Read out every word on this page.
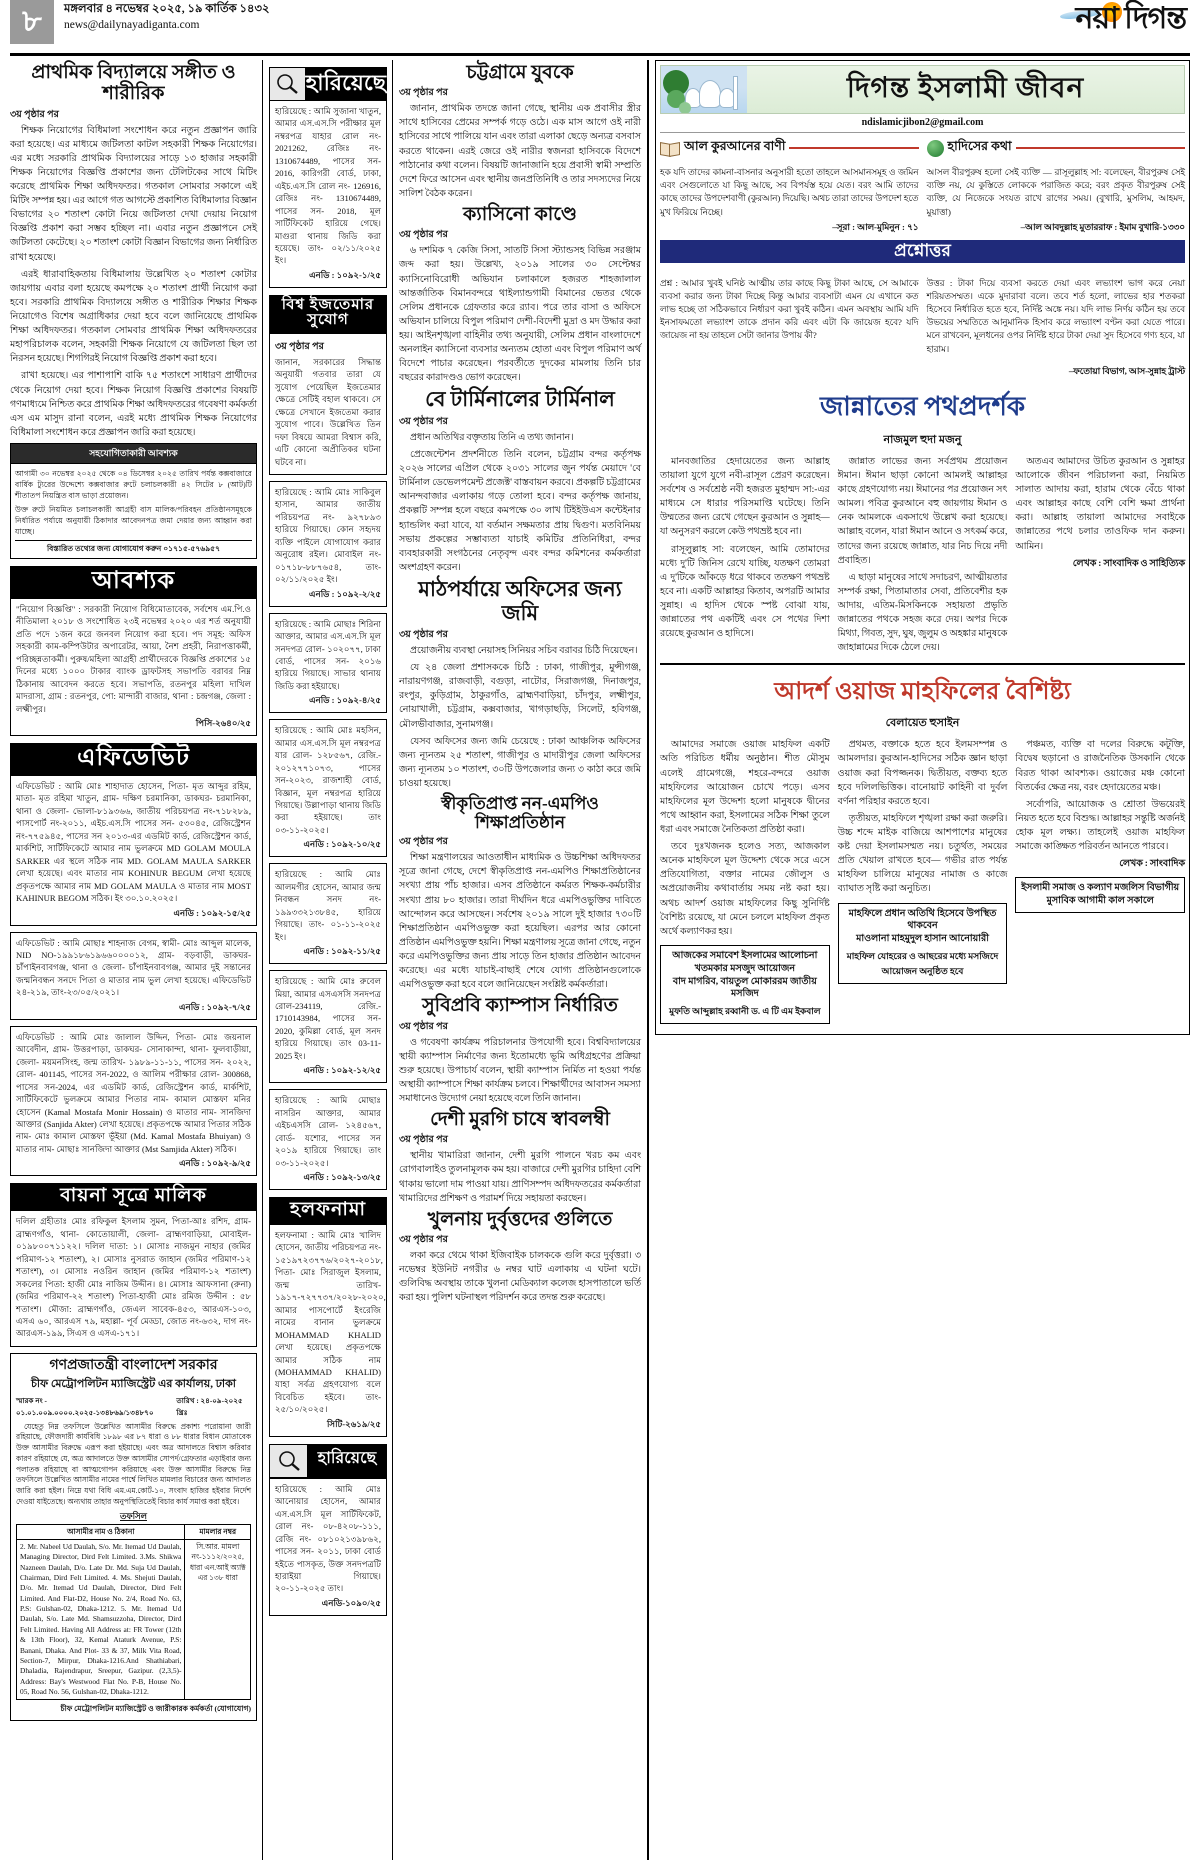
৮	মঙ্গলবার ৪ নভেম্বর ২০২৫, ১৯ কার্তিক ১৪৩২
news@dailynayadiganta.com	নয়া দিগন্ত
প্রাথমিক বিদ্যালয়ে সঙ্গীত ও শারীরিক
৩য় পৃষ্ঠার পর

শিক্ষক নিয়োগের বিধিমালা সংশোধন করে নতুন প্রজ্ঞাপন জারি করা হয়েছে। এর মাধ্যমে জটিলতা কাটল সহকারী শিক্ষক নিয়োগের। এর মধ্যে সরকারি প্রাথমিক বিদ্যালয়ের সাড়ে ১৩ হাজার সহকারী শিক্ষক নিয়োগের বিজ্ঞপ্তি প্রকাশের জন্য টেলিটকের সাথে মিটিং করেছে প্রাথমিক শিক্ষা অধিদফতর। গতকাল সোমবার সকালে এই মিটিং সম্পন্ন হয়। এর আগে গত আগস্টে প্রকাশিত বিধিমালার বিজ্ঞান বিভাগের ২০ শতাংশ কোটা নিয়ে জটিলতা দেখা দেয়ায় নিয়োগ বিজ্ঞপ্তি প্রকাশ করা সম্ভব হচ্ছিল না। এবার নতুন প্রজ্ঞাপনে সেই জটিলতা কেটেছে। ২০ শতাংশ কোটা বিজ্ঞান বিভাগের জন্য নির্ধারিত রাখা হয়েছে।

এরই ধারাবাহিকতায় বিধিমালায় উল্লেখিত ২০ শতাংশ কোটার জায়গায় এবার বলা হয়েছে কমপক্ষে ২০ শতাংশ প্রার্থী নিয়োগ করা হবে। সরকারি প্রাথমিক বিদ্যালয়ে সঙ্গীত ও শারীরিক শিক্ষার শিক্ষক নিয়োগেও বিশেষ অগ্রাধিকার দেয়া হবে বলে জানিয়েছে প্রাথমিক শিক্ষা অধিদফতর। গতকাল সোমবার প্রাথমিক শিক্ষা অধিদফতরের মহাপরিচালক বলেন, সহকারী শিক্ষক নিয়োগে যে জটিলতা ছিল তা নিরসন হয়েছে। শিগগিরই নিয়োগ বিজ্ঞপ্তি প্রকাশ করা হবে।

রাখা হয়েছে। এর পাশাপাশি বাকি ৭৫ শতাংশে সাধারণ প্রার্থীদের থেকে নিয়োগ দেয়া হবে। শিক্ষক নিয়োগ বিজ্ঞপ্তি প্রকাশের বিষয়টি গণমাধ্যমে নিশ্চিত করে প্রাথমিক শিক্ষা অধিদফতরের গবেষণা কর্মকর্তা এস এম মাসুদ রানা বলেন, এরই মধ্যে প্রাথমিক শিক্ষক নিয়োগের বিধিমালা সংশোধন করে প্রজ্ঞাপন জারি করা হয়েছে।

সহযোগিতাকারী আবশ্যক
আগামী ৩০ নভেম্বর ২০২৫ থেকে ০৪ ডিসেম্বর ২০২৫ তারিখ পর্যন্ত কক্সবাজারে বার্ষিক ট্যুরের উদ্দেশ্যে কক্সবাজার রুটে চলাচলকারী ৪২ সিটের ৮ (আট)টি শীতাতপ নিয়ন্ত্রিত বাস ভাড়া প্রয়োজন।
উক্ত রুটে নিয়মিত চলাচলকারী আগ্রহী বাস মালিক/পরিবহন প্রতিষ্ঠানসমূহকে নির্ধারিত পর্যায়ে অনুযায়ী ঠিকাদার আবেদনপত্র জমা দেয়ার জন্য আহ্বান করা যাচ্ছে।
বিস্তারিত তথ্যের জন্য যোগাযোগ করুন ০১৭১৫-৫৭৬৯৫৭
আবশ্যক

"নিয়োগ বিজ্ঞপ্তি" : সরকারী নিয়োগ বিধিমোতাবেক, সর্বশেষ এম.পি.ও নীতিমালা ২০১৮ ও সংশোধিত ২৩ই নভেম্বর ২০২০ এর শর্ত অনুযায়ী প্রতি পদে ১জন করে জনবল নিয়োগ করা হবে। পদ সমূহ: অফিস সহকারী কাম-কম্পিউটার অপারেটর, আয়া, নৈশ প্রহরী, নিরাপত্তাকর্মী, পরিচ্ছন্নতাকর্মী। পুরুষ/মহিলা আগ্রহী প্রার্থীদেরকে বিজ্ঞপ্তি প্রকাশের ১৫ দিনের মধ্যে ১০০০ টাকার ব্যাংক ড্রাফটসহ সভাপতি বরাবর নিম্ন ঠিকানায় আবেদন করতে হবে। সভাপতি, রতনপুর মহিলা দাখিল মাদরাসা, গ্রাম : রতনপুর, পো: মান্দারী বাজার, থানা : চন্দ্রগঞ্জ, জেলা : লক্ষ্মীপুর।

পিসি-২৬৪০/২৫
এফিডেভিট

এফিডেভিট : আমি মোঃ শাহাদাত হোসেন, পিতা- মৃত আব্দুর রহিম, মাতা- মৃত রহিমা খাতুন, গ্রাম- দক্ষিণ চরমানিকা, ডাকঘর- চরমানিকা, থানা ও জেলা- ভোলা-৮১৯৩৬৬, জাতীয় পরিচয়পত্র নং-৭১৮২৮৯, পাসপোর্ট নং-২০১১, এইচ.এস.সি পাসের সন- ৫৩০৪৫, রেজিস্ট্রেশন নং-৭৭৫৯৪৫, পাসের সন ২০১৩-এর এডমিট কার্ড, রেজিস্ট্রেশন কার্ড, মার্কশিট, সার্টিফিকেটে আমার নাম ভুলক্রমে MD GOLAM MOULA SARKER এর স্থলে সঠিক নাম MD. GOLAM MAULA SARKER লেখা হয়েছে। এবং মাতার নাম KOHINUR BEGUM লেখা হয়েছে প্রকৃতপক্ষে আমার নাম MD GOLAM MAULA ও মাতার নাম MOST KAHINUR BEGOM সঠিক। ইং ৩০.১০.২০২৫।

এনডি : ১০৯২-১৫/২৫

এফিডেভিট : আমি মোছাঃ শাহনাজ বেগম, স্বামী- মোঃ আব্দুল মালেক, NID NO-১৯৯১৮৬১৯৬৬০০০০১২, গ্রাম- বড়বাড়ী, ডাকঘর- চাঁপাইনবাবগঞ্জ, থানা ও জেলা- চাঁপাইনবাবগঞ্জ, আমার দুই সন্তানের জন্মনিবন্ধন সনদে পিতা ও মাতার নাম ভুল লেখা হয়েছে। এফিডেভিট ২৪-২১৯, তাং-২৩/০৫/২০২১।

এনডি : ১০৯২-৭/২৫

এফিডেভিট : আমি মোঃ জালাল উদ্দিন, পিতা- মোঃ জয়নাল আবেদীন, গ্রাম- উত্তরপাড়া, ডাকঘর- সোনাকান্দা, থানা- ফুলবাড়ীয়া, জেলা- ময়মনসিংহ, জন্ম তারিখ- ১৯৮৯-১১-১১, পাসের সন- ২০২২, রোল- 401145, পাসের সন-2022, ও আলিম পরীক্ষার রোল- 300868, পাসের সন-2024, এর এডমিট কার্ড, রেজিস্ট্রেশন কার্ড, মার্কশিট, সার্টিফিকেটে ভুলক্রমে আমার পিতার নাম- কামাল মোস্তফা মনির হোসেন (Kamal Mostafa Monir Hossain) ও মাতার নাম- সানজিদা আক্তার (Sanjida Akter) লেখা হয়েছে। প্রকৃতপক্ষে আমার পিতার সঠিক নাম- মোঃ কামাল মোস্তফা ভূঁইয়া (Md. Kamal Mostafa Bhuiyan) ও মাতার নাম- মোছাঃ সানজিদা আক্তার (Mst Samjida Akter) সঠিক।

এনডি : ১০৯২-৯/২৫
বায়না সূত্রে মালিক

দলিল গ্রহীতাঃ মোঃ রফিকুল ইসলাম সুমন, পিতা-আঃ রশিদ, গ্রাম- ব্রাহ্মণগাঁও, থানা- কোতোয়ালী, জেলা- ব্রাহ্মণবাড়িয়া, মোবাইল- ০১৯৮০০৭১১২২। দলিল দাতা: ১। মোসাঃ নাজমুন নাহার (জমির পরিমাণ-১২ শতাংশ), ২। মোসাঃ নুসরাত জাহান (জমির পরিমাণ-১২ শতাংশ), ৩। মোসাঃ নওরিন জাহান (জমির পরিমাণ-১২ শতাংশ) সকলের পিতা: হাজী মোঃ নাজিম উদ্দীন। ৪। মোসাঃ আফসানা (রুনা) (জমির পরিমাণ-২২ শতাংশ) পিতা-হাজী মোঃ রমিজ উদ্দীন : ৫৮ শতাংশ। মৌজা: ব্রাহ্মণগাঁও, জেএল সাবেক-৪৫৩, আরএস-১০৩, এসএ ৬০, আরএস ৭৯, মহাল্লা- পূর্ব মেড্ডা, জোত নং-৬৩২, দাগ নং-আরএস-১৯৯, সিএস ও এসএ-১৭১।

গণপ্রজাতন্ত্রী বাংলাদেশ সরকার
চীফ মেট্রোপলিটন ম্যাজিস্ট্রেট এর কার্যালয়, ঢাকা
স্মারক নং - ০১.০১.০০৯.০০০০.২০২৫-১৩৪৮৬৯/১৩৪৮৭০
তারিখ : ২৪-০৯-২০২৫ খ্রিঃ

যেহেতু নিম্ন তফসিলে উল্লেখিত আসামীর বিরুদ্ধে প্রকাশ্য পরোয়ানা জারী রহিয়াছে, ফৌজদারী কার্যবিধি ১৮৯৮ এর ৮৭ ধারা ও ৮৮ ধারার বিধান মোতাবেক উক্ত আসামীর বিরুদ্ধে এরূপ করা হইয়াছে। এবং অত্র আদালতে বিশ্বাস করিবার কারণ রহিয়াছে যে, অত্র আদালতে উক্ত আসামীর সোপর্দ/গ্রেফতার এড়াইবার জন্য পলাতক রহিয়াছে বা আত্মগোপন করিয়াছে এবং উক্ত আসামীর বিরুদ্ধে নিম্ন তফসিলে উল্লেখিত আসামীর নামের পার্শ্বে লিখিত মামলার বিচারের জন্য আদালত জারি করা হইল। নিম্নে যথা বিধি এম.এম.কোর্ট-১০, সংবাদ হাজির হইবার নির্দেশ দেওয়া যাইতেছে। অন্যথায় তাহার অনুপস্থিতিতেই বিচার কার্য সমাপ্ত করা হইবে।

তফসিল
আসামীর নাম ও ঠিকানা	মামলার নম্বর
2. Mr. Nabeel Ud Daulah, S/o. Mr. Itemad Ud Daulah, Managing Director, Dird Felt Limited. 3.Ms. Shikwa Nazneen Daulah, D/o. Late Dr. Md. Suja Ud Daulah, Chairman, Dird Felt Limited. 4. Ms. Shejuti Daulah, D/o. Mr. Itemad Ud Daulah, Director, Dird Felt Limited. And Flat-D2, House No. 2/4, Road No. 63, P.S: Gulshan-02, Dhaka-1212. 5. Mr. Itemad Ud Daulah, S/o. Late Md. Shamsuzzoha, Director, Dird Felt Limited. Having All Address at: FR Tower (12th & 13th Floor), 32, Kemal Ataturk Avenue, P.S: Banani, Dhaka. And Plot- 33 & 37, Milk Vita Road, Section-7, Mirpur, Dhaka-1216.And Shathiabari, Dhaladia, Rajendrapur, Sreepur, Gazipur. (2,3,5)- Address: Bay's Westwood Flat No. P-B, House No. 05, Road No. 56, Gulshan-02, Dhaka-1212.	সি.আর. মামলা নং-১১১২/২০২৫, ধারা এন.আই অ্যাক্ট এর ১৩৮ ধারা
চীফ মেট্রোপলিটন ম্যাজিস্ট্রেট ও জারীকারক কর্মকর্তা (যোগাযোগ)
হারিয়েছে

হারিয়েছে : আমি সুজানা খাতুন, আমার এস.এস.সি পরীক্ষার মূল নম্বরপত্র যাহার রোল নং- 2021262, রেজিঃ নং- 1310674489, পাসের সন- 2016, কারিগরী বোর্ড, ঢাকা, এইচ.এস.সি রোল নং- 126916, রেজিঃ নং- 1310674489, পাসের সন- 2018, মূল সার্টিফিকেট হারিয়ে গেছে। মাগুরা থানায় জিডি করা হয়েছে। তাং- ০২/১১/২০২৫ ইং।

এনডি : ১০৯২-১/২৫
বিশ্ব ইজতেমার সুযোগ
৩য় পৃষ্ঠার পর

জানান, সরকারের সিদ্ধান্ত অনুযায়ী গতবার তারা যে সুযোগ পেয়েছিল ইজতেমার ক্ষেত্রে সেটিই বহাল থাকবে। সে ক্ষেত্রে সেখানে ইজতেমা করার সুযোগ পাবে। উল্লেখিত তিন দফা বিষয়ে আমরা বিশ্বাস করি, এটি কোনো অপ্রীতিকর ঘটনা ঘটবে না।

হারিয়েছে : আমি মোঃ সাকিবুল হাসান, আমার জাতীয় পরিচয়পত্র নং- ৯২৭৮৯৩ হারিয়ে গিয়াছে। কোন সহৃদয় ব্যক্তি পাইলে যোগাযোগ করার অনুরোধ রইল। মোবাইল নং- ০১৭১৮-৮৮৭৬৫৪, তাং- ০২/১১/২০২৫ ইং।

এনডি : ১০৯২-২/২৫

হারিয়েছে : আমি মোছাঃ শিরিনা আক্তার, আমার এস.এস.সি মূল সনদপত্র রোল- ১০২০৭৭, ঢাকা বোর্ড, পাসের সন- ২০১৬ হারিয়ে গিয়াছে। সাভার থানায় জিডি করা হইয়াছে।

এনডি : ১০৯২-৪/২৫

হারিয়েছে : আমি মোঃ মহসিন, আমার এস.এস.সি মূল নম্বরপত্র যার রোল- ১২৮৫৬৭, রেজি.- ২০১২৭৭১০৭৩, পাসের সন-২০২৩, রাজশাহী বোর্ড, বিজ্ঞান, মূল নম্বরপত্র হারিয়ে গিয়াছে। উল্লাপাড়া থানায় জিডি করা হইয়াছে। তাং ০৩-১১-২০২৫।

এনডি : ১০৯২-১০/২৫

হারিয়েছে : আমি মোঃ আলমগীর হোসেন, আমার জন্ম নিবন্ধন সনদ নং- ১৯৯৩৩২১৩৮৪৫, হারিয়ে গিয়াছে। তাং- ০১-১১-২০২৫ ইং।

এনডি : ১০৯২-১১/২৫

হারিয়েছে : আমি মোঃ রুবেল মিয়া, আমার এসএসসি সনদপত্র রোল-234119, রেজি.- 1710143984, পাসের সন- 2020, কুমিল্লা বোর্ড, মূল সনদ হারিয়ে গিয়াছে। তাং 03-11-2025 ইং।

এনডি : ১০৯২-১২/২৫

হারিয়েছে : আমি মোছাঃ নাসরিন আক্তার, আমার এইচএসসি রোল- ১২৪৫৬৭, বোর্ড- যশোর, পাসের সন ২০১৯ হারিয়ে গিয়াছে। তাং ০৩-১১-২০২৫।

এনডি : ১০৯২-১৩/২৫
হলফনামা

হলফনামা : আমি মোঃ খালিদ হোসেন, জাতীয় পরিচয়পত্র নং- ১৫১৯৭২৩৭৭৬/২০২৭-২০১৮, পিতা- মোঃ সিরাজুল ইসলাম, জন্ম তারিখ- ১৯১৭-৭২৭৭৩৭/২০২৮-২০২০, আমার পাসপোর্টে ইংরেজি নামের বানান ভুলক্রমে MOHAMMAD KHALID লেখা হয়েছে। প্রকৃতপক্ষে আমার সঠিক নাম (MOHAMMAD KHALID) যাহা সর্বত্র গ্রহণযোগ্য বলে বিবেচিত হইবে। তাং- ২৫/১০/২০২৫।

সিটি-২৬১৯/২৫
হারিয়েছে

হারিয়েছে : আমি মোঃ আনোয়ার হোসেন, আমার এস.এস.সি মূল সার্টিফিকেট, রোল নং- ০৮-৪২০৮-১১১, রেজি নং- ০৮১০২১৩৯৮৬২, পাসের সন- ২০১১, ঢাকা বোর্ড হইতে পাসকৃত, উক্ত সনদপত্রটি হারাইয়া গিয়াছে। ২০-১১-২০২৫ তাং।

এনডি-১০৯০/২৫
চট্টগ্রামে যুবকে
৩য় পৃষ্ঠার পর

জানান, প্রাথমিক তদন্তে জানা গেছে, স্থানীয় এক প্রবাসীর স্ত্রীর সাথে হাসিবের প্রেমের সম্পর্ক গড়ে ওঠে। এক মাস আগে ওই নারী হাসিবের সাথে পালিয়ে যান এবং তারা এলাকা ছেড়ে অন্যত্র বসবাস করতে থাকেন। এরই জেরে ওই নারীর স্বজনরা হাসিবকে বিদেশে পাঠানোর কথা বলেন। বিষয়টি জানাজানি হয়ে প্রবাসী স্বামী সম্প্রতি দেশে ফিরে আসেন এবং স্থানীয় জনপ্রতিনিধি ও তার সদস্যদের নিয়ে সালিশ বৈঠক করেন।

ক্যাসিনো কাণ্ডে
৩য় পৃষ্ঠার পর

৬ দশমিক ৭ কেজি সিসা, সাতটি সিসা স্ট্যান্ডসহ বিভিন্ন সরঞ্জাম জব্দ করা হয়। উল্লেখ্য, ২০১৯ সালের ৩০ সেপ্টেম্বর ক্যাসিনোবিরোধী অভিযান চলাকালে হজরত শাহজালাল আন্তর্জাতিক বিমানবন্দরে থাইল্যান্ডগামী বিমানের ভেতর থেকে সেলিম প্রধানকে গ্রেফতার করে র‌্যাব। পরে তার বাসা ও অফিসে অভিযান চালিয়ে বিপুল পরিমাণ দেশী-বিদেশী মুদ্রা ও মদ উদ্ধার করা হয়। আইনশৃঙ্খলা বাহিনীর তথ্য অনুযায়ী, সেলিম প্রধান বাংলাদেশে অনলাইন ক্যাসিনো ব্যবসার অন্যতম হোতা এবং বিপুল পরিমাণ অর্থ বিদেশে পাচার করেছেন। পরবর্তীতে দুদকের মামলায় তিনি চার বছরের কারাদণ্ডও ভোগ করেছেন।

বে টার্মিনালের টার্মিনাল
৩য় পৃষ্ঠার পর

প্রধান অতিথির বক্তৃতায় তিনি এ তথ্য জানান।

প্রেজেন্টেশন প্রদর্শনীতে তিনি বলেন, চট্টগ্রাম বন্দর কর্তৃপক্ষ ২০২৬ সালের এপ্রিল থেকে ২০৩১ সালের জুন পর্যন্ত মেয়াদে 'বে টার্মিনাল ডেভেলপমেন্ট প্রজেক্ট' বাস্তবায়ন করবে। প্রকল্পটি চট্টগ্রামের আনন্দবাজার এলাকায় গড়ে তোলা হবে। বন্দর কর্তৃপক্ষ জানায়, প্রকল্পটি সম্পন্ন হলে বছরে কমপক্ষে ৩০ লাখ টিইইউএস কন্টেইনার হ্যান্ডলিং করা যাবে, যা বর্তমান সক্ষমতার প্রায় দ্বিগুণ। মতবিনিময় সভায় প্রকল্পের সম্ভাব্যতা যাচাই কমিটির প্রতিনিধিরা, বন্দর ব্যবহারকারী সংগঠনের নেতৃবৃন্দ এবং বন্দর কমিশনের কর্মকর্তারা অংশগ্রহণ করেন।

মাঠপর্যায়ে অফিসের জন্য জমি
৩য় পৃষ্ঠার পর

প্রয়োজনীয় ব্যবস্থা নেয়াসহ সিনিয়র সচিব বরাবর চিঠি দিয়েছেন।

যে ২৪ জেলা প্রশাসককে চিঠি : ঢাকা, গাজীপুর, মুন্সীগঞ্জ, নারায়ণগঞ্জ, রাজবাড়ী, বগুড়া, নাটোর, সিরাজগঞ্জ, দিনাজপুর, রংপুর, কুড়িগ্রাম, ঠাকুরগাঁও, ব্রাহ্মণবাড়িয়া, চাঁদপুর, লক্ষ্মীপুর, নোয়াখালী, চট্টগ্রাম, কক্সবাজার, খাগড়াছড়ি, সিলেট, হবিগঞ্জ, মৌলভীবাজার, সুনামগঞ্জ।

যেসব অফিসের জন্য জমি চেয়েছে : ঢাকা আঞ্চলিক অফিসের জন্য ন্যূনতম ২৫ শতাংশ, গাজীপুর ও মাদারীপুর জেলা অফিসের জন্য ন্যূনতম ১০ শতাংশ, ৩০টি উপজেলার জন্য ৩ কাঠা করে জমি চাওয়া হয়েছে।

স্বীকৃতিপ্রাপ্ত নন-এমপিও শিক্ষাপ্রতিষ্ঠান
৩য় পৃষ্ঠার পর

শিক্ষা মন্ত্রণালয়ের আওতাধীন মাধ্যমিক ও উচ্চশিক্ষা অধিদফতর সূত্রে জানা গেছে, দেশে স্বীকৃতিপ্রাপ্ত নন-এমপিও শিক্ষাপ্রতিষ্ঠানের সংখ্যা প্রায় পাঁচ হাজার। এসব প্রতিষ্ঠানে কর্মরত শিক্ষক-কর্মচারীর সংখ্যা প্রায় ৮০ হাজার। তারা দীর্ঘদিন ধরে এমপিওভুক্তির দাবিতে আন্দোলন করে আসছেন। সর্বশেষ ২০১৯ সালে দুই হাজার ৭৩০টি শিক্ষাপ্রতিষ্ঠান এমপিওভুক্ত করা হয়েছিল। এরপর আর কোনো প্রতিষ্ঠান এমপিওভুক্ত হয়নি। শিক্ষা মন্ত্রণালয় সূত্রে জানা গেছে, নতুন করে এমপিওভুক্তির জন্য প্রায় সাড়ে তিন হাজার প্রতিষ্ঠান আবেদন করেছে। এর মধ্যে যাচাই-বাছাই শেষে যোগ্য প্রতিষ্ঠানগুলোকে এমপিওভুক্ত করা হবে বলে জানিয়েছেন সংশ্লিষ্ট কর্মকর্তারা।

সুবিপ্রবি ক্যাম্পাস নির্ধারিত
৩য় পৃষ্ঠার পর

ও গবেষণা কার্যক্রম পরিচালনার উপযোগী হবে। বিশ্ববিদ্যালয়ের স্থায়ী ক্যাম্পাস নির্মাণের জন্য ইতোমধ্যে ভূমি অধিগ্রহণের প্রক্রিয়া শুরু হয়েছে। উপাচার্য বলেন, স্থায়ী ক্যাম্পাস নির্মিত না হওয়া পর্যন্ত অস্থায়ী ক্যাম্পাসে শিক্ষা কার্যক্রম চলবে। শিক্ষার্থীদের আবাসন সমস্যা সমাধানেও উদ্যোগ নেয়া হয়েছে বলে তিনি জানান।

দেশী মুরগি চাষে স্বাবলম্বী
৩য় পৃষ্ঠার পর

স্থানীয় খামারিরা জানান, দেশী মুরগি পালনে খরচ কম এবং রোগবালাইও তুলনামূলক কম হয়। বাজারে দেশী মুরগির চাহিদা বেশি থাকায় ভালো দাম পাওয়া যায়। প্রাণিসম্পদ অধিদফতরের কর্মকর্তারা খামারিদের প্রশিক্ষণ ও পরামর্শ দিয়ে সহায়তা করছেন।

খুলনায় দুর্বৃত্তদের গুলিতে
৩য় পৃষ্ঠার পর

লকা করে থেমে থাকা ইজিবাইক চালককে গুলি করে দুর্বৃত্তরা। ৩ নভেম্বর ইউনিট নগরীর ৬ নম্বর ঘাট এলাকায় এ ঘটনা ঘটে। গুলিবিদ্ধ অবস্থায় তাকে খুলনা মেডিক্যাল কলেজ হাসপাতালে ভর্তি করা হয়। পুলিশ ঘটনাস্থল পরিদর্শন করে তদন্ত শুরু করেছে।

দিগন্ত ইসলামী জীবন
ndislamicjibon2@gmail.com
আল কুরআনের বাণী	হাদিসের কথা

হক যদি তাদের কামনা-বাসনার অনুসারী হতো তাহলে আসমানসমূহ ও জমিন এবং সেগুলোতে যা কিছু আছে, সব বিপর্যস্ত হয়ে যেত। বরং আমি তাদের কাছে তাদের উপদেশবাণী (কুরআন) দিয়েছি। অথচ তারা তাদের উপদেশ হতে মুখ ফিরিয়ে নিচ্ছে।

–সূরা : আল-মুমিনুন : ৭১

আসল বীরপুরুষ হলো সেই ব্যক্তি — রাসূলুল্লাহ সা: বলেছেন, বীরপুরুষ সেই ব্যক্তি নয়, যে কুস্তিতে লোককে পরাজিত করে; বরং প্রকৃত বীরপুরুষ সেই ব্যক্তি, যে নিজেকে সংযত রাখে রাগের সময়। (বুখারি, মুসলিম, আহমদ, মুয়াত্তা)

–আল আবদুল্লাহ মুতাররাফ : ইমাম বুখারি-১৩৩০
প্রশ্নোত্তর

প্রশ্ন : আমার খুবই ঘনিষ্ঠ আত্মীয় তার কাছে কিছু টাকা আছে, সে আমাকে ব্যবসা করার জন্য টাকা দিচ্ছে কিন্তু আমার ব্যবসাটা এমন যে এখানে কত লাভ হচ্ছে তা সঠিকভাবে নির্ধারণ করা খুবই কঠিন। এমন অবস্থায় আমি যদি ইনসাফমতো লভ্যাংশ তাকে প্রদান করি এবং এটা কি জায়েজ হবে? যদি জায়েজ না হয় তাহলে সেটা জানার উপায় কী?

উত্তর : টাকা দিয়ে ব্যবসা করতে দেয়া এবং লভ্যাংশ ভাগ করে নেয়া শরিয়তসম্মত। একে মুদারাবা বলে। তবে শর্ত হলো, লাভের হার শতকরা হিসেবে নির্ধারিত হতে হবে, নির্দিষ্ট অঙ্কে নয়। যদি লাভ নির্ণয় কঠিন হয় তবে উভয়ের সম্মতিতে আনুমানিক হিসাব করে লভ্যাংশ বণ্টন করা যেতে পারে। মনে রাখবেন, মূলধনের ওপর নির্দিষ্ট হারে টাকা দেয়া সুদ হিসেবে গণ্য হবে, যা হারাম।

–ফতোয়া বিভাগ, আস-সুন্নাহ ট্রাস্ট
জান্নাতের পথপ্রদর্শক
নাজমুল হুদা মজনু

মানবজাতির হেদায়েতের জন্য আল্লাহ তায়ালা যুগে যুগে নবী-রাসূল প্রেরণ করেছেন। সর্বশেষ ও সর্বশ্রেষ্ঠ নবী হজরত মুহাম্মদ সা:-এর মাধ্যমে সে ধারার পরিসমাপ্তি ঘটেছে। তিনি উম্মতের জন্য রেখে গেছেন কুরআন ও সুন্নাহ— যা অনুসরণ করলে কেউ পথভ্রষ্ট হবে না।

রাসূলুল্লাহ সা: বলেছেন, আমি তোমাদের মধ্যে দু'টি জিনিস রেখে যাচ্ছি, যতক্ষণ তোমরা এ দু'টিকে আঁকড়ে ধরে থাকবে ততক্ষণ পথভ্রষ্ট হবে না। একটি আল্লাহর কিতাব, অপরটি আমার সুন্নাহ। এ হাদিস থেকে স্পষ্ট বোঝা যায়, জান্নাতের পথ একটিই এবং সে পথের দিশা রয়েছে কুরআন ও হাদিসে।

জান্নাত লাভের জন্য সর্বপ্রথম প্রয়োজন ঈমান। ঈমান ছাড়া কোনো আমলই আল্লাহর কাছে গ্রহণযোগ্য নয়। ঈমানের পর প্রয়োজন সৎ আমল। পবিত্র কুরআনে বহু জায়গায় ঈমান ও নেক আমলকে একসাথে উল্লেখ করা হয়েছে। আল্লাহ বলেন, যারা ঈমান আনে ও সৎকর্ম করে, তাদের জন্য রয়েছে জান্নাত, যার নিচ দিয়ে নদী প্রবাহিত।

এ ছাড়া মানুষের সাথে সদাচরণ, আত্মীয়তার সম্পর্ক রক্ষা, পিতামাতার সেবা, প্রতিবেশীর হক আদায়, এতিম-মিসকিনকে সহায়তা প্রভৃতি জান্নাতের পথকে সহজ করে দেয়। অপর দিকে মিথ্যা, গিবত, সুদ, ঘুষ, জুলুম ও অহঙ্কার মানুষকে জাহান্নামের দিকে ঠেলে দেয়।

অতএব আমাদের উচিত কুরআন ও সুন্নাহর আলোকে জীবন পরিচালনা করা, নিয়মিত সালাত আদায় করা, হারাম থেকে বেঁচে থাকা এবং আল্লাহর কাছে বেশি বেশি ক্ষমা প্রার্থনা করা। আল্লাহ তায়ালা আমাদের সবাইকে জান্নাতের পথে চলার তাওফিক দান করুন। আমিন।

লেখক : সাংবাদিক ও সাহিত্যিক

আদর্শ ওয়াজ মাহফিলের বৈশিষ্ট্য
বেলায়েত হুসাইন

আমাদের সমাজে ওয়াজ মাহফিল একটি অতি পরিচিত ধর্মীয় অনুষ্ঠান। শীত মৌসুম এলেই গ্রামেগঞ্জে, শহরে-বন্দরে ওয়াজ মাহফিলের আয়োজন চোখে পড়ে। এসব মাহফিলের মূল উদ্দেশ্য হলো মানুষকে দ্বীনের পথে আহ্বান করা, ইসলামের সঠিক শিক্ষা তুলে ধরা এবং সমাজে নৈতিকতা প্রতিষ্ঠা করা।

তবে দুঃখজনক হলেও সত্য, আজকাল অনেক মাহফিলে মূল উদ্দেশ্য থেকে সরে এসে প্রতিযোগিতা, বক্তার নামের জৌলুস ও অপ্রয়োজনীয় কথাবার্তায় সময় নষ্ট করা হয়। অথচ আদর্শ ওয়াজ মাহফিলের কিছু সুনির্দিষ্ট বৈশিষ্ট্য রয়েছে, যা মেনে চললে মাহফিল প্রকৃত অর্থে কল্যাণকর হয়।

আজকের সমাবেশ ইসলামের আলোচনা
খতমকার মসজুদ আয়োজন
বাদ মাগরিব, বায়তুল মোকাররম জাতীয় মসজিদ
মুফতি আব্দুল্লাহ রব্বানী ড. এ টি এম ইকবাল

প্রথমত, বক্তাকে হতে হবে ইলমসম্পন্ন ও আমলদার। কুরআন-হাদিসের সঠিক জ্ঞান ছাড়া ওয়াজ করা বিপজ্জনক। দ্বিতীয়ত, বক্তব্য হতে হবে দলিলভিত্তিক। বানোয়াট কাহিনী বা দুর্বল বর্ণনা পরিহার করতে হবে।

তৃতীয়ত, মাহফিলে শৃঙ্খলা রক্ষা করা জরুরি। উচ্চ শব্দে মাইক বাজিয়ে আশপাশের মানুষের কষ্ট দেয়া ইসলামসম্মত নয়। চতুর্থত, সময়ের প্রতি খেয়াল রাখতে হবে— গভীর রাত পর্যন্ত মাহফিল চালিয়ে মানুষের নামাজ ও কাজে ব্যাঘাত সৃষ্টি করা অনুচিত।

মাহফিলে প্রধান অতিথি হিসেবে উপস্থিত থাকবেন
মাওলানা মাহমুদুল হাসান আনোয়ারী
মাহফিল যোহরের ও আছরের মধ্যে মসজিদে আয়োজন অনুষ্ঠিত হবে

পঞ্চমত, ব্যক্তি বা দলের বিরুদ্ধে কটূক্তি, বিদ্বেষ ছড়ানো ও রাজনৈতিক উসকানি থেকে বিরত থাকা আবশ্যক। ওয়াজের মঞ্চ কোনো বিতর্কের ক্ষেত্র নয়, বরং হেদায়েতের মঞ্চ।

সর্বোপরি, আয়োজক ও শ্রোতা উভয়েরই নিয়ত হতে হবে বিশুদ্ধ। আল্লাহর সন্তুষ্টি অর্জনই হোক মূল লক্ষ্য। তাহলেই ওয়াজ মাহফিল সমাজে কাঙ্ক্ষিত পরিবর্তন আনতে পারবে।

লেখক : সাংবাদিক

ইসলামী সমাজ ও কল্যাণ মজলিস বিভাগীয়
মুসাবিক আগামী কাল সকালে
